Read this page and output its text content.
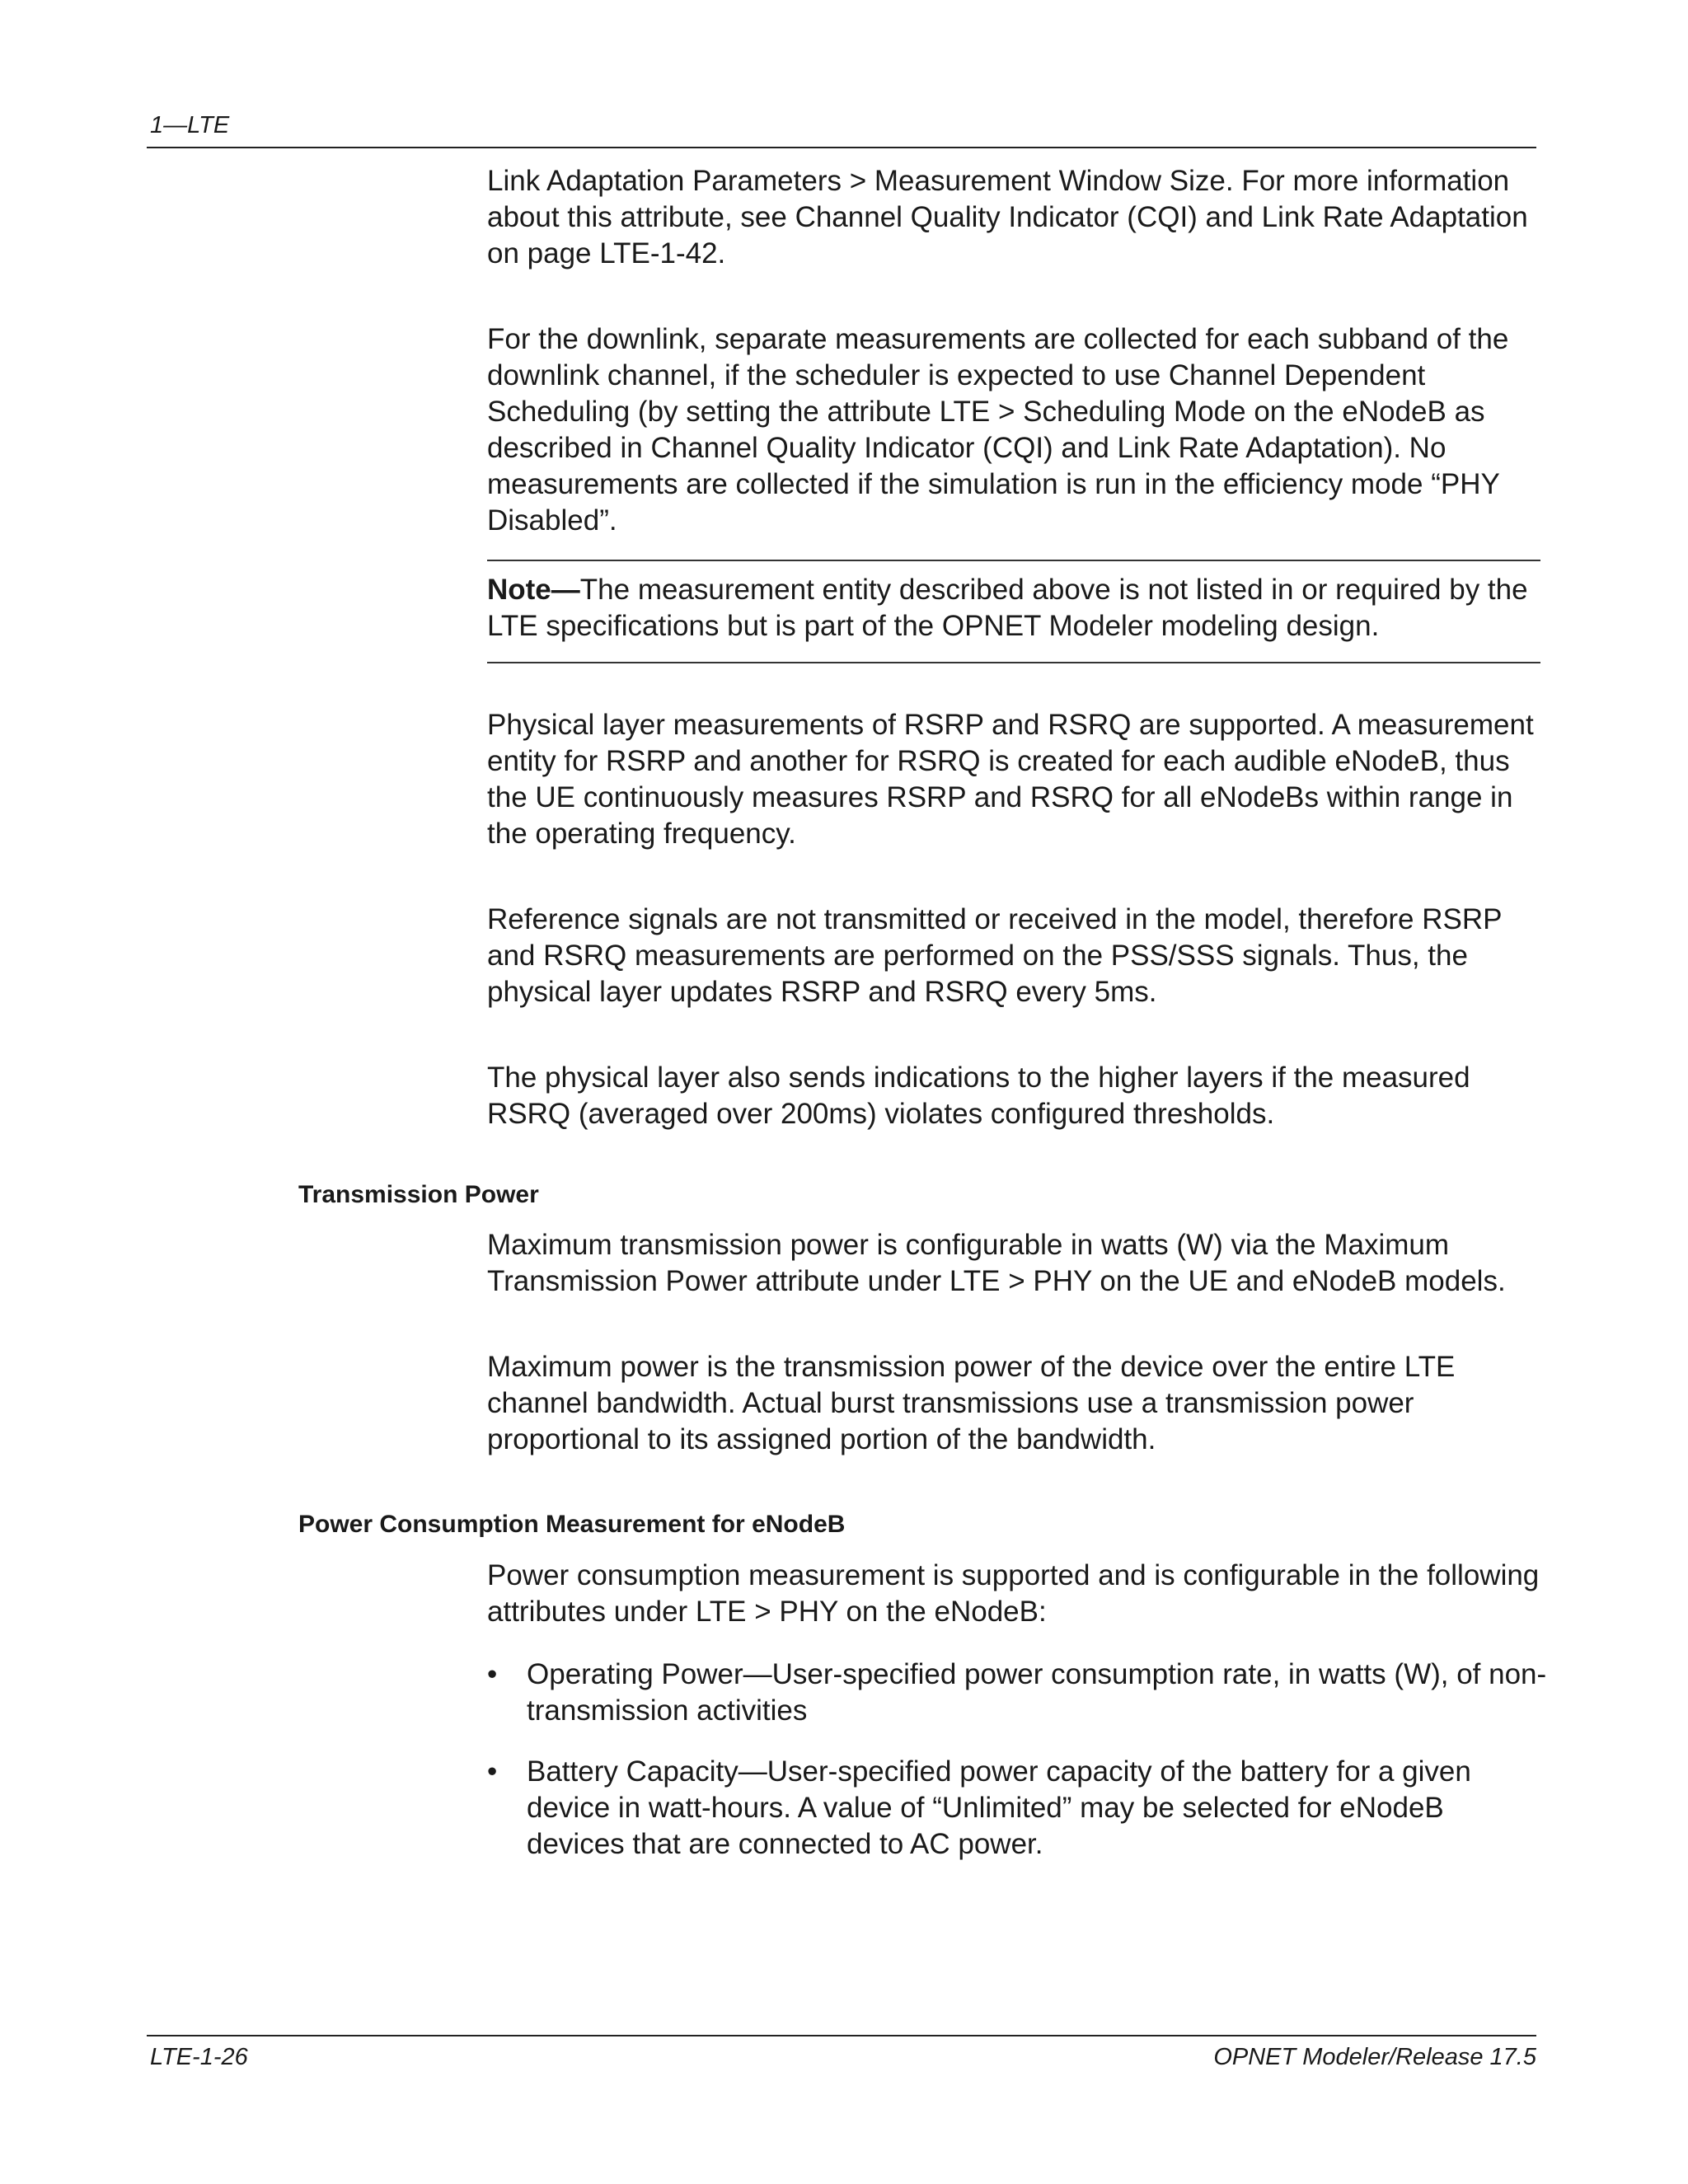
1—LTE

Link Adaptation Parameters > Measurement Window Size. For more information about this attribute, see Channel Quality Indicator (CQI) and Link Rate Adaptation on page LTE-1-42.

For the downlink, separate measurements are collected for each subband of the downlink channel, if the scheduler is expected to use Channel Dependent Scheduling (by setting the attribute LTE > Scheduling Mode on the eNodeB as described in Channel Quality Indicator (CQI) and Link Rate Adaptation). No measurements are collected if the simulation is run in the efficiency mode “PHY Disabled”.

Note—The measurement entity described above is not listed in or required by the LTE specifications but is part of the OPNET Modeler modeling design.

Physical layer measurements of RSRP and RSRQ are supported. A measurement entity for RSRP and another for RSRQ is created for each audible eNodeB, thus the UE continuously measures RSRP and RSRQ for all eNodeBs within range in the operating frequency.

Reference signals are not transmitted or received in the model, therefore RSRP and RSRQ measurements are performed on the PSS/SSS signals. Thus, the physical layer updates RSRP and RSRQ every 5ms.

The physical layer also sends indications to the higher layers if the measured RSRQ (averaged over 200ms) violates configured thresholds.

Transmission Power

Maximum transmission power is configurable in watts (W) via the Maximum Transmission Power attribute under LTE > PHY on the UE and eNodeB models.

Maximum power is the transmission power of the device over the entire LTE channel bandwidth. Actual burst transmissions use a transmission power proportional to its assigned portion of the bandwidth.

Power Consumption Measurement for eNodeB

Power consumption measurement is supported and is configurable in the following attributes under LTE > PHY on the eNodeB:

•	Operating Power—User-specified power consumption rate, in watts (W), of non-transmission activities
•	Battery Capacity—User-specified power capacity of the battery for a given device in watt-hours. A value of “Unlimited” may be selected for eNodeB devices that are connected to AC power.
LTE-1-26	OPNET Modeler/Release 17.5
